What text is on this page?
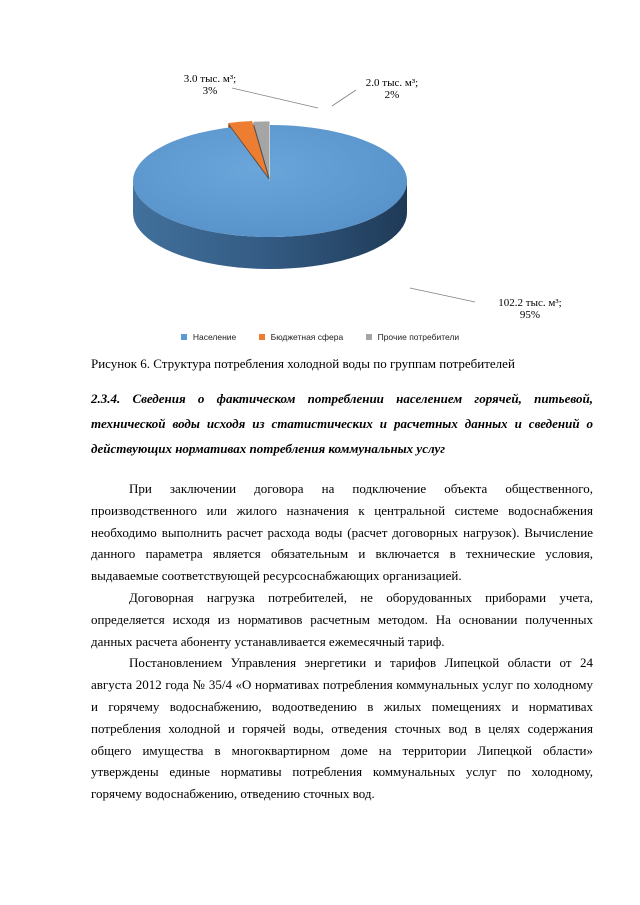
102.2 тыс. м³;
95%
3.0 тыс. м³;
3%
2.0 тыс. м³;
2%
Население	Бюджетная сфера	Прочие потребители
Рисунок 6. Структура потребления холодной воды по группам потребителей
2.3.4. Сведения о фактическом потреблении населением горячей, питьевой, технической воды исходя из статистических и расчетных данных и сведений о действующих нормативах потребления коммунальных услуг

При заключении договора на подключение объекта общественного, производственного или жилого назначения к центральной системе водоснабжения необходимо выполнить расчет расхода воды (расчет договорных нагрузок). Вычисление данного параметра является обязательным и включается в технические условия, выдаваемые соответствующей ресурсоснабжающих организацией.

Договорная нагрузка потребителей, не оборудованных приборами учета, определяется исходя из нормативов расчетным методом. На основании полученных данных расчета абоненту устанавливается ежемесячный тариф.

Постановлением Управления энергетики и тарифов Липецкой области от 24 августа 2012 года № 35/4 «О нормативах потребления коммунальных услуг по холодному и горячему водоснабжению, водоотведению в жилых помещениях и нормативах потребления холодной и горячей воды, отведения сточных вод в целях содержания общего имущества в многоквартирном доме на территории Липецкой области» утверждены единые нормативы потребления коммунальных услуг по холодному, горячему водоснабжению, отведению сточных вод.
